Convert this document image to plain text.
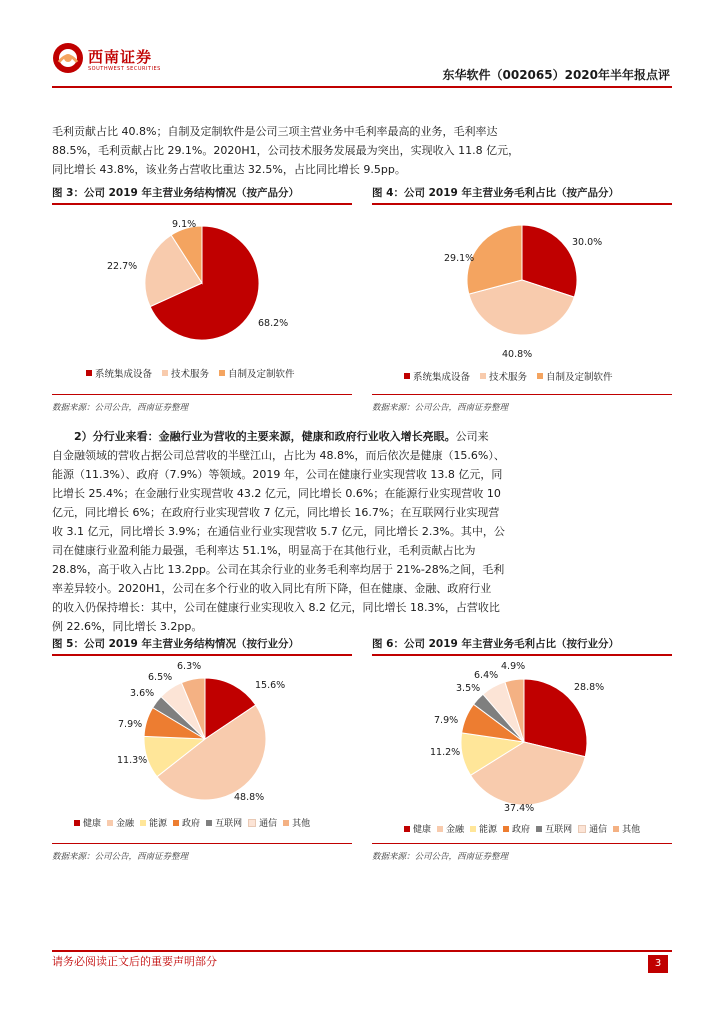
西南证券
SOUTHWEST SECURITIES	东华软件（002065）2020年半年报点评
毛利贡献占比 40.8%；自制及定制软件是公司三项主营业务中毛利率最高的业务，毛利率达
88.5%，毛利贡献占比 29.1%。2020H1，公司技术服务发展最为突出，实现收入 11.8 亿元，
同比增长 43.8%，该业务占营收比重达 32.5%，占比同比增长 9.5pp。
图 3：公司 2019 年主营业务结构情况（按产品分）
9.1%
22.7%
68.2%
系统集成设备 技术服务 自制及定制软件
数据来源：公司公告，西南证券整理
图 4：公司 2019 年主营业务毛利占比（按产品分）
30.0%
29.1%
40.8%
系统集成设备 技术服务 自制及定制软件
数据来源：公司公告，西南证券整理
2）分行业来看：金融行业为营收的主要来源，健康和政府行业收入增长亮眼。公司来
自金融领域的营收占据公司总营收的半壁江山，占比为 48.8%，而后依次是健康（15.6%）、
能源（11.3%）、政府（7.9%）等领域。2019 年，公司在健康行业实现营收 13.8 亿元，同
比增长 25.4%；在金融行业实现营收 43.2 亿元，同比增长 0.6%；在能源行业实现营收 10
亿元，同比增长 6%；在政府行业实现营收 7 亿元，同比增长 16.7%；在互联网行业实现营
收 3.1 亿元，同比增长 3.9%；在通信业行业实现营收 5.7 亿元，同比增长 2.3%。其中，公
司在健康行业盈利能力最强，毛利率达 51.1%，明显高于在其他行业，毛利贡献占比为
28.8%，高于收入占比 13.2pp。公司在其余行业的业务毛利率均居于 21%-28%之间，毛利
率差异较小。2020H1，公司在多个行业的收入同比有所下降，但在健康、金融、政府行业
的收入仍保持增长：其中，公司在健康行业实现收入 8.2 亿元，同比增长 18.3%，占营收比
例 22.6%，同比增长 3.2pp。
图 5：公司 2019 年主营业务结构情况（按行业分）
6.3%
6.5%
15.6%
3.6%
7.9%
11.3%
48.8%
健康 金融 能源 政府 互联网 通信 其他
数据来源：公司公告，西南证券整理
图 6：公司 2019 年主营业务毛利占比（按行业分）
4.9%
6.4%
3.5%	28.8%
7.9%
11.2%
37.4%
健康 金融 能源 政府 互联网 通信 其他
数据来源：公司公告，西南证券整理
请务必阅读正文后的重要声明部分	3
